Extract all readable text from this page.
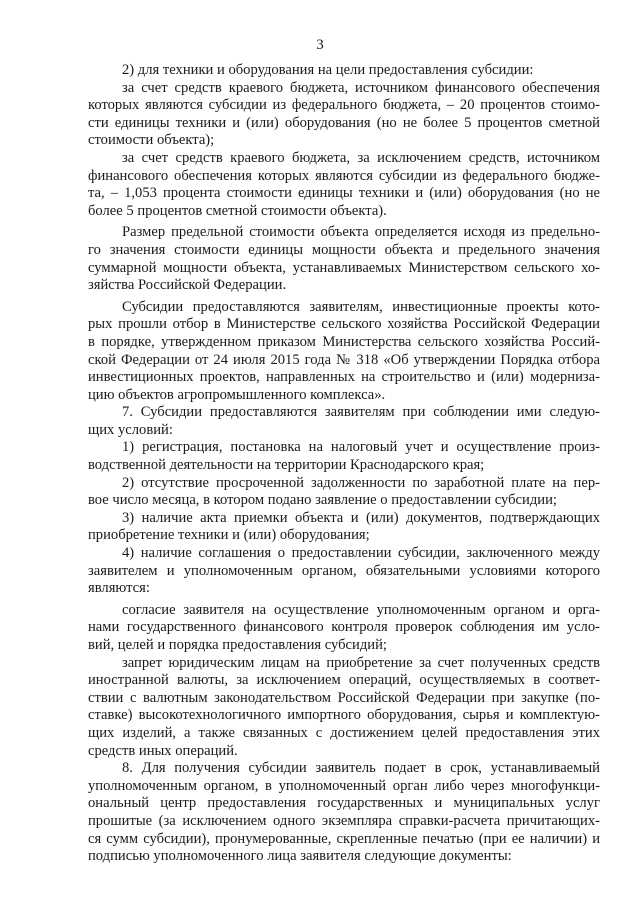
3

2) для техники и оборудования на цели предоставления субсидии:

за счет средств краевого бюджета, источником финансового обеспечения
которых являются субсидии из федерального бюджета, – 20 процентов стоимо-
сти единицы техники и (или) оборудования (но не более 5 процентов сметной
стоимости объекта);

за счет средств краевого бюджета, за исключением средств, источником
финансового обеспечения которых являются субсидии из федерального бюдже-
та, – 1,053 процента стоимости единицы техники и (или) оборудования (но не
более 5 процентов сметной стоимости объекта).

Размер предельной стоимости объекта определяется исходя из предельно-
го значения стоимости единицы мощности объекта и предельного значения
суммарной мощности объекта, устанавливаемых Министерством сельского хо-
зяйства Российской Федерации.

Субсидии предоставляются заявителям, инвестиционные проекты кото-
рых прошли отбор в Министерстве сельского хозяйства Российской Федерации
в порядке, утвержденном приказом Министерства сельского хозяйства Россий-
ской Федерации от 24 июля 2015 года № 318 «Об утверждении Порядка отбора
инвестиционных проектов, направленных на строительство и (или) модерниза-
цию объектов агропромышленного комплекса».

7. Субсидии предоставляются заявителям при соблюдении ими следую-
щих условий:

1) регистрация, постановка на налоговый учет и осуществление произ-
водственной деятельности на территории Краснодарского края;

2) отсутствие просроченной задолженности по заработной плате на пер-
вое число месяца, в котором подано заявление о предоставлении субсидии;

3) наличие акта приемки объекта и (или) документов, подтверждающих
приобретение техники и (или) оборудования;

4) наличие соглашения о предоставлении субсидии, заключенного между
заявителем и уполномоченным органом, обязательными условиями которого
являются:

согласие заявителя на осуществление уполномоченным органом и орга-
нами государственного финансового контроля проверок соблюдения им усло-
вий, целей и порядка предоставления субсидий;

запрет юридическим лицам на приобретение за счет полученных средств
иностранной валюты, за исключением операций, осуществляемых в соответ-
ствии с валютным законодательством Российской Федерации при закупке (по-
ставке) высокотехнологичного импортного оборудования, сырья и комплектую-
щих изделий, а также связанных с достижением целей предоставления этих
средств иных операций.

8. Для получения субсидии заявитель подает в срок, устанавливаемый
уполномоченным органом, в уполномоченный орган либо через многофункци-
ональный центр предоставления государственных и муниципальных услуг
прошитые (за исключением одного экземпляра справки-расчета причитающих-
ся сумм субсидии), пронумерованные, скрепленные печатью (при ее наличии) и
подписью уполномоченного лица заявителя следующие документы:
